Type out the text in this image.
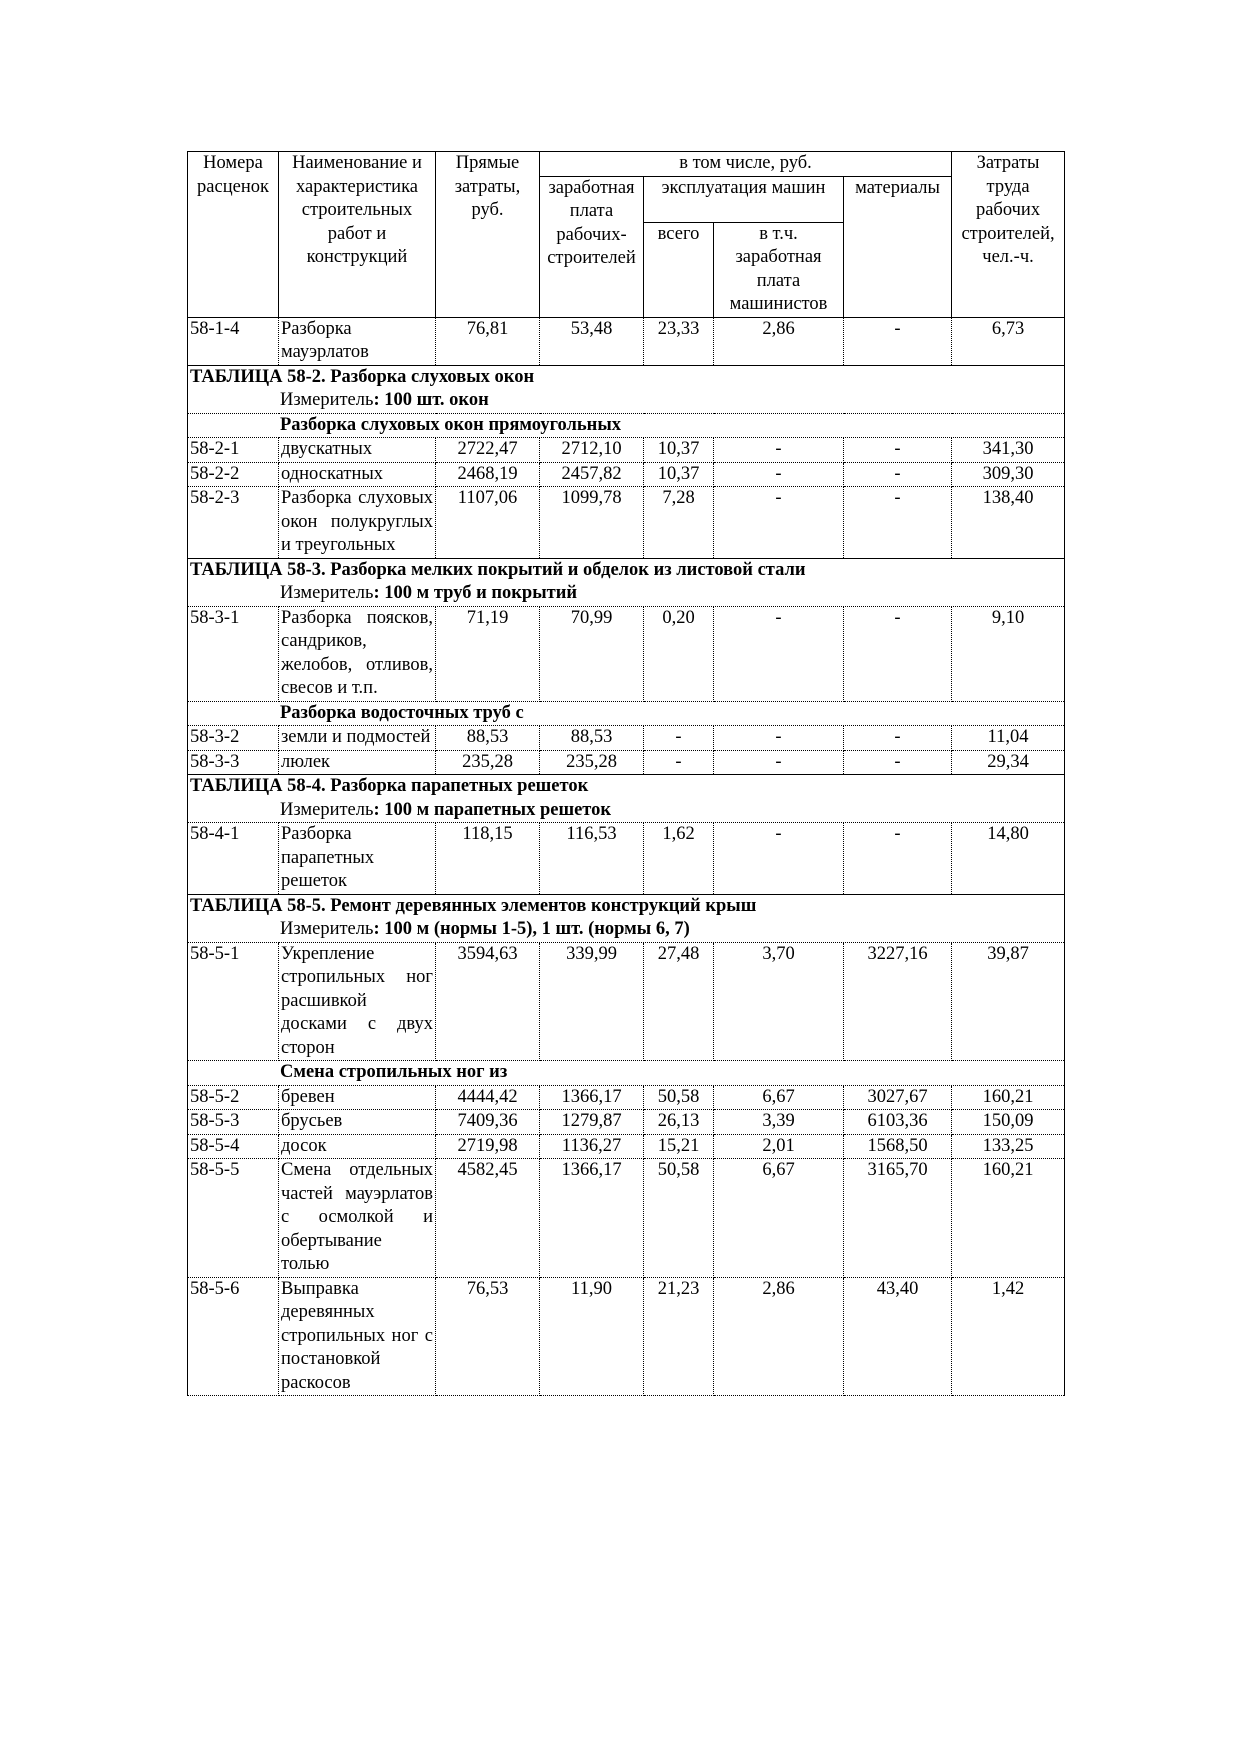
Номера расценок	Наименование и характеристика строительных работ и конструкций	Прямые затраты, руб.	в том числе, руб.				Затраты труда рабочих строителей, чел.-ч.
			заработная плата рабочих-строителей	эксплуатация машин		материалы	
				всего	в т.ч. заработная плата машинистов		
58-1-4	Разборка мауэрлатов	76,81	53,48	23,33	2,86	-	6,73
ТАБЛИЦА 58-2. Разборка слуховых окон							
Измеритель: 100 шт. окон							
Разборка слуховых окон прямоугольных							
58-2-1	двускатных	2722,47	2712,10	10,37	-	-	341,30
58-2-2	односкатных	2468,19	2457,82	10,37	-	-	309,30
58-2-3	Разборка слуховых окон полукруглых и треугольных	1107,06	1099,78	7,28	-	-	138,40
ТАБЛИЦА 58-3. Разборка мелких покрытий и обделок из листовой стали							
Измеритель: 100 м труб и покрытий							
58-3-1	Разборка поясков, сандриков, желобов, отливов, свесов и т.п.	71,19	70,99	0,20	-	-	9,10
Разборка водосточных труб с							
58-3-2	земли и подмостей	88,53	88,53	-	-	-	11,04
58-3-3	люлек	235,28	235,28	-	-	-	29,34
ТАБЛИЦА 58-4. Разборка парапетных решеток							
Измеритель: 100 м парапетных решеток							
58-4-1	Разборка парапетных решеток	118,15	116,53	1,62	-	-	14,80
ТАБЛИЦА 58-5. Ремонт деревянных элементов конструкций крыш							
Измеритель: 100 м (нормы 1-5), 1 шт. (нормы 6, 7)							
58-5-1	Укрепление стропильных ног расшивкой досками с двух сторон	3594,63	339,99	27,48	3,70	3227,16	39,87
Смена стропильных ног из							
58-5-2	бревен	4444,42	1366,17	50,58	6,67	3027,67	160,21
58-5-3	брусьев	7409,36	1279,87	26,13	3,39	6103,36	150,09
58-5-4	досок	2719,98	1136,27	15,21	2,01	1568,50	133,25
58-5-5	Смена отдельных частей мауэрлатов с осмолкой и обертывание толью	4582,45	1366,17	50,58	6,67	3165,70	160,21
58-5-6	Выправка деревянных стропильных ног с постановкой раскосов	76,53	11,90	21,23	2,86	43,40	1,42
